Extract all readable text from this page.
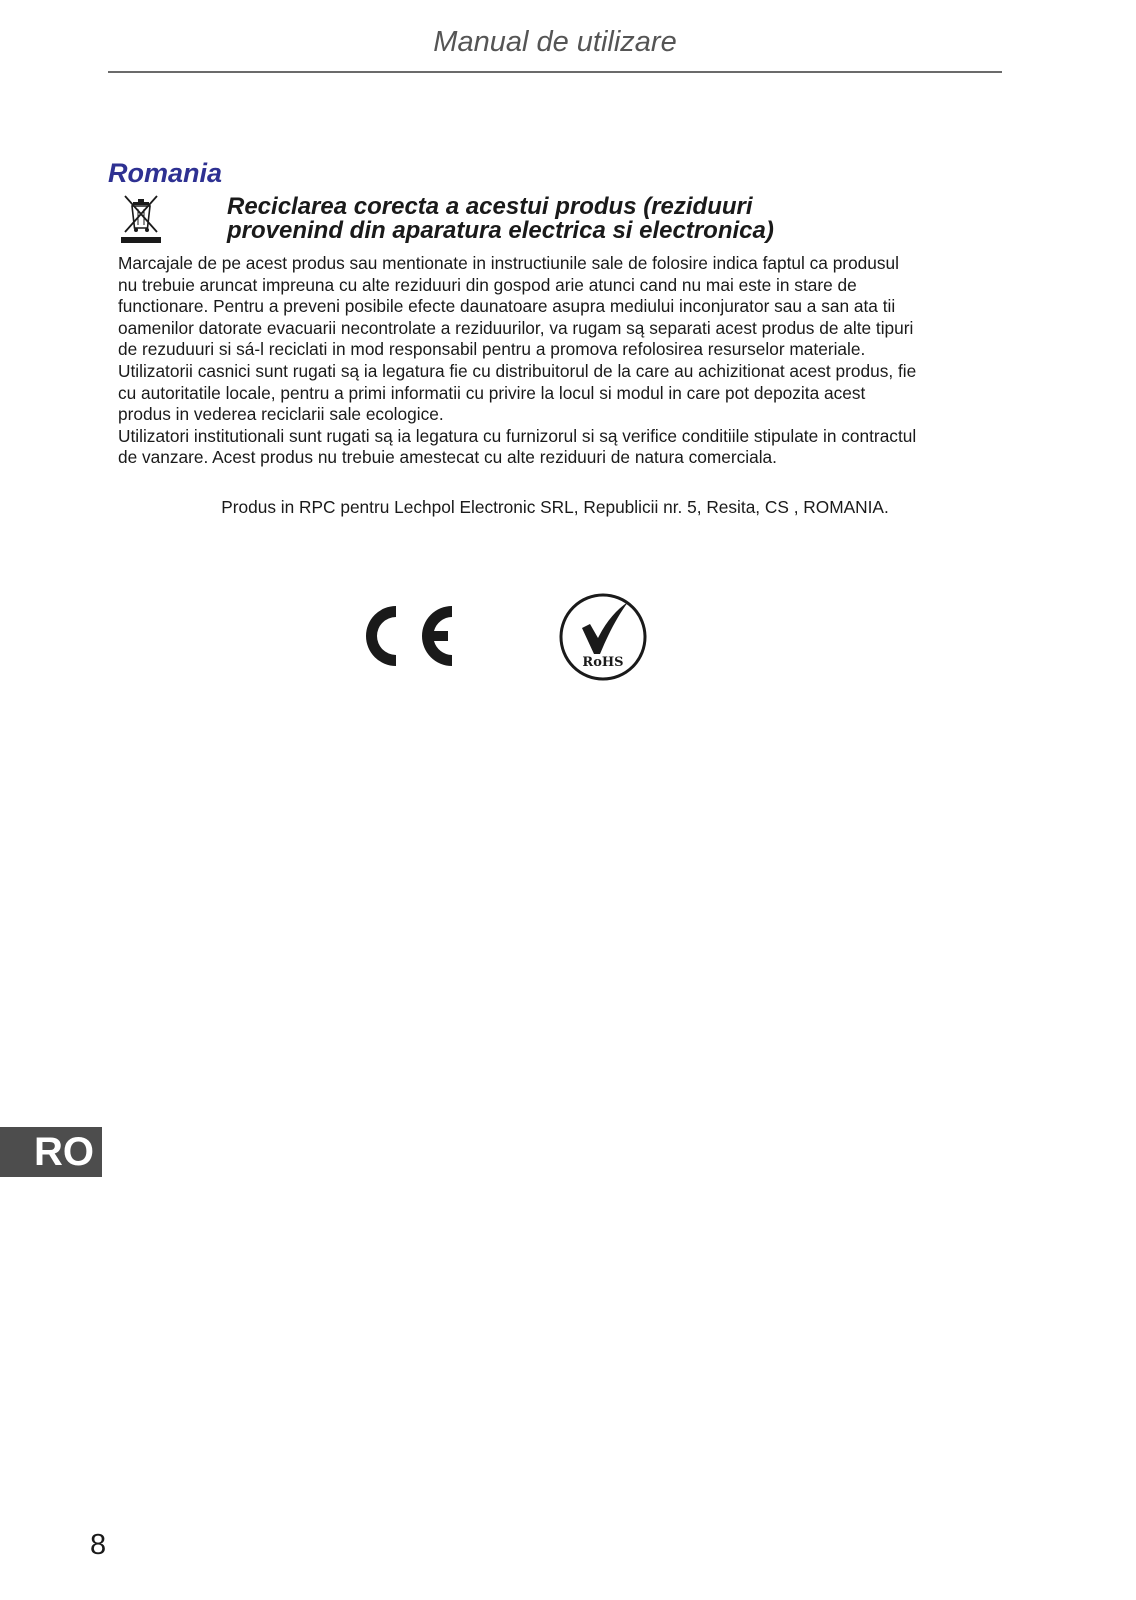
Manual de utilizare
Romania
Reciclarea corecta a acestui produs (reziduuri
provenind din aparatura electrica si electronica)
Marcajale de pe acest produs sau mentionate in instructiunile sale de folosire indica faptul ca produsul
nu trebuie aruncat impreuna cu alte reziduuri din gospod arie atunci cand nu mai este in stare de
functionare. Pentru a preveni posibile efecte daunatoare asupra mediului inconjurator sau a san ata tii
oamenilor datorate evacuarii necontrolate a reziduurilor, va rugam są separati acest produs de alte tipuri
de rezuduuri si sá-l reciclati in mod responsabil pentru a promova refolosirea resurselor materiale.
Utilizatorii casnici sunt rugati są ia legatura fie cu distribuitorul de la care au achizitionat acest produs, fie
cu autoritatile locale, pentru a primi informatii cu privire la locul si modul in care pot depozita acest
produs in vederea reciclarii sale ecologice.
Utilizatori institutionali sunt rugati są ia legatura cu furnizorul si są verifice conditiile stipulate in contractul
de vanzare. Acest produs nu trebuie amestecat cu alte reziduuri de natura comerciala.
Produs in RPC pentru Lechpol Electronic SRL, Republicii nr. 5, Resita, CS , ROMANIA.
RoHS
RO
8
